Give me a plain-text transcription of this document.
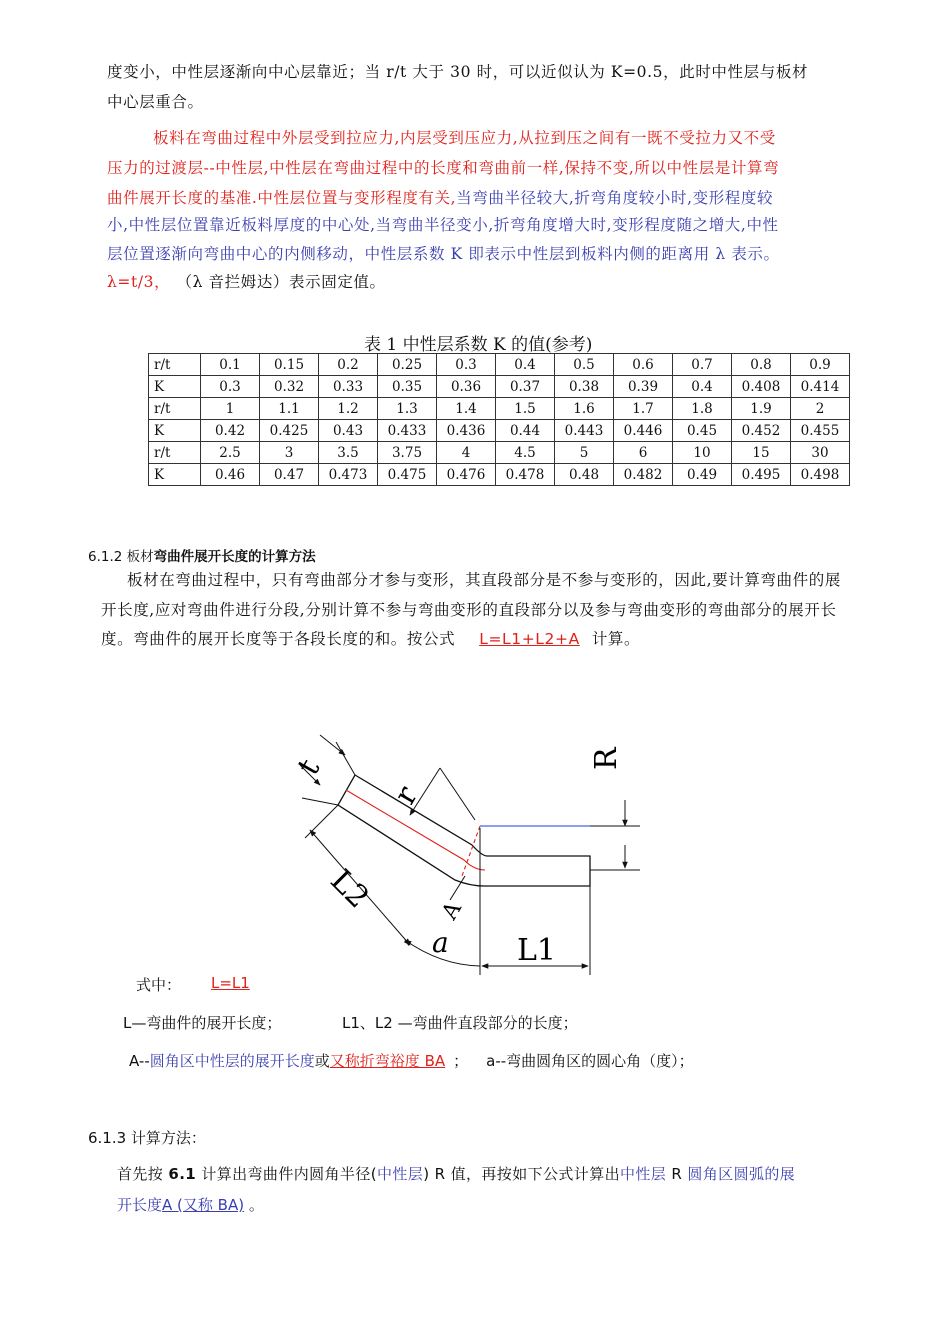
度变小，中性层逐渐向中心层靠近；当 r/t 大于 30 时，可以近似认为 K=0.5，此时中性层与板材
中心层重合。
板料在弯曲过程中外层受到拉应力,内层受到压应力,从拉到压之间有一既不受拉力又不受
压力的过渡层--中性层,中性层在弯曲过程中的长度和弯曲前一样,保持不变,所以中性层是计算弯
曲件展开长度的基准.中性层位置与变形程度有关,当弯曲半径较大,折弯角度较小时,变形程度较
小,中性层位置靠近板料厚度的中心处,当弯曲半径变小,折弯角度增大时,变形程度随之增大,中性
层位置逐渐向弯曲中心的内侧移动，中性层系数 K 即表示中性层到板料内侧的距离用 λ 表示。
λ=t/3， （λ 音拦姆达）表示固定值。
表 1 中性层系数 K 的值(参考)
r/t	0.1	0.15	0.2	0.25	0.3	0.4	0.5	0.6	0.7	0.8	0.9
K	0.3	0.32	0.33	0.35	0.36	0.37	0.38	0.39	0.4	0.408	0.414
r/t	1	1.1	1.2	1.3	1.4	1.5	1.6	1.7	1.8	1.9	2
K	0.42	0.425	0.43	0.433	0.436	0.44	0.443	0.446	0.45	0.452	0.455
r/t	2.5	3	3.5	3.75	4	4.5	5	6	10	15	30
K	0.46	0.47	0.473	0.475	0.476	0.478	0.48	0.482	0.49	0.495	0.498
6.1.2 板材弯曲件展开长度的计算方法
板材在弯曲过程中，只有弯曲部分才参与变形，其直段部分是不参与变形的，因此,要计算弯曲件的展
开长度,应对弯曲件进行分段,分别计算不参与弯曲变形的直段部分以及参与弯曲变形的弯曲部分的展开长
度。弯曲件的展开长度等于各段长度的和。按公式 L=L1+L2+A 计算。
t
r
R
L2	A
a L1
式中：	L=L1
L—弯曲件的展开长度；	L1、L2 —弯曲件直段部分的长度；
A--圆角区中性层的展开长度或又称折弯裕度 BA ； a--弯曲圆角区的圆心角（度）；
6.1.3 计算方法：
首先按 6.1 计算出弯曲件内圆角半径(中性层) R 值，再按如下公式计算出中性层 R 圆角区圆弧的展
开长度A (又称 BA) 。
